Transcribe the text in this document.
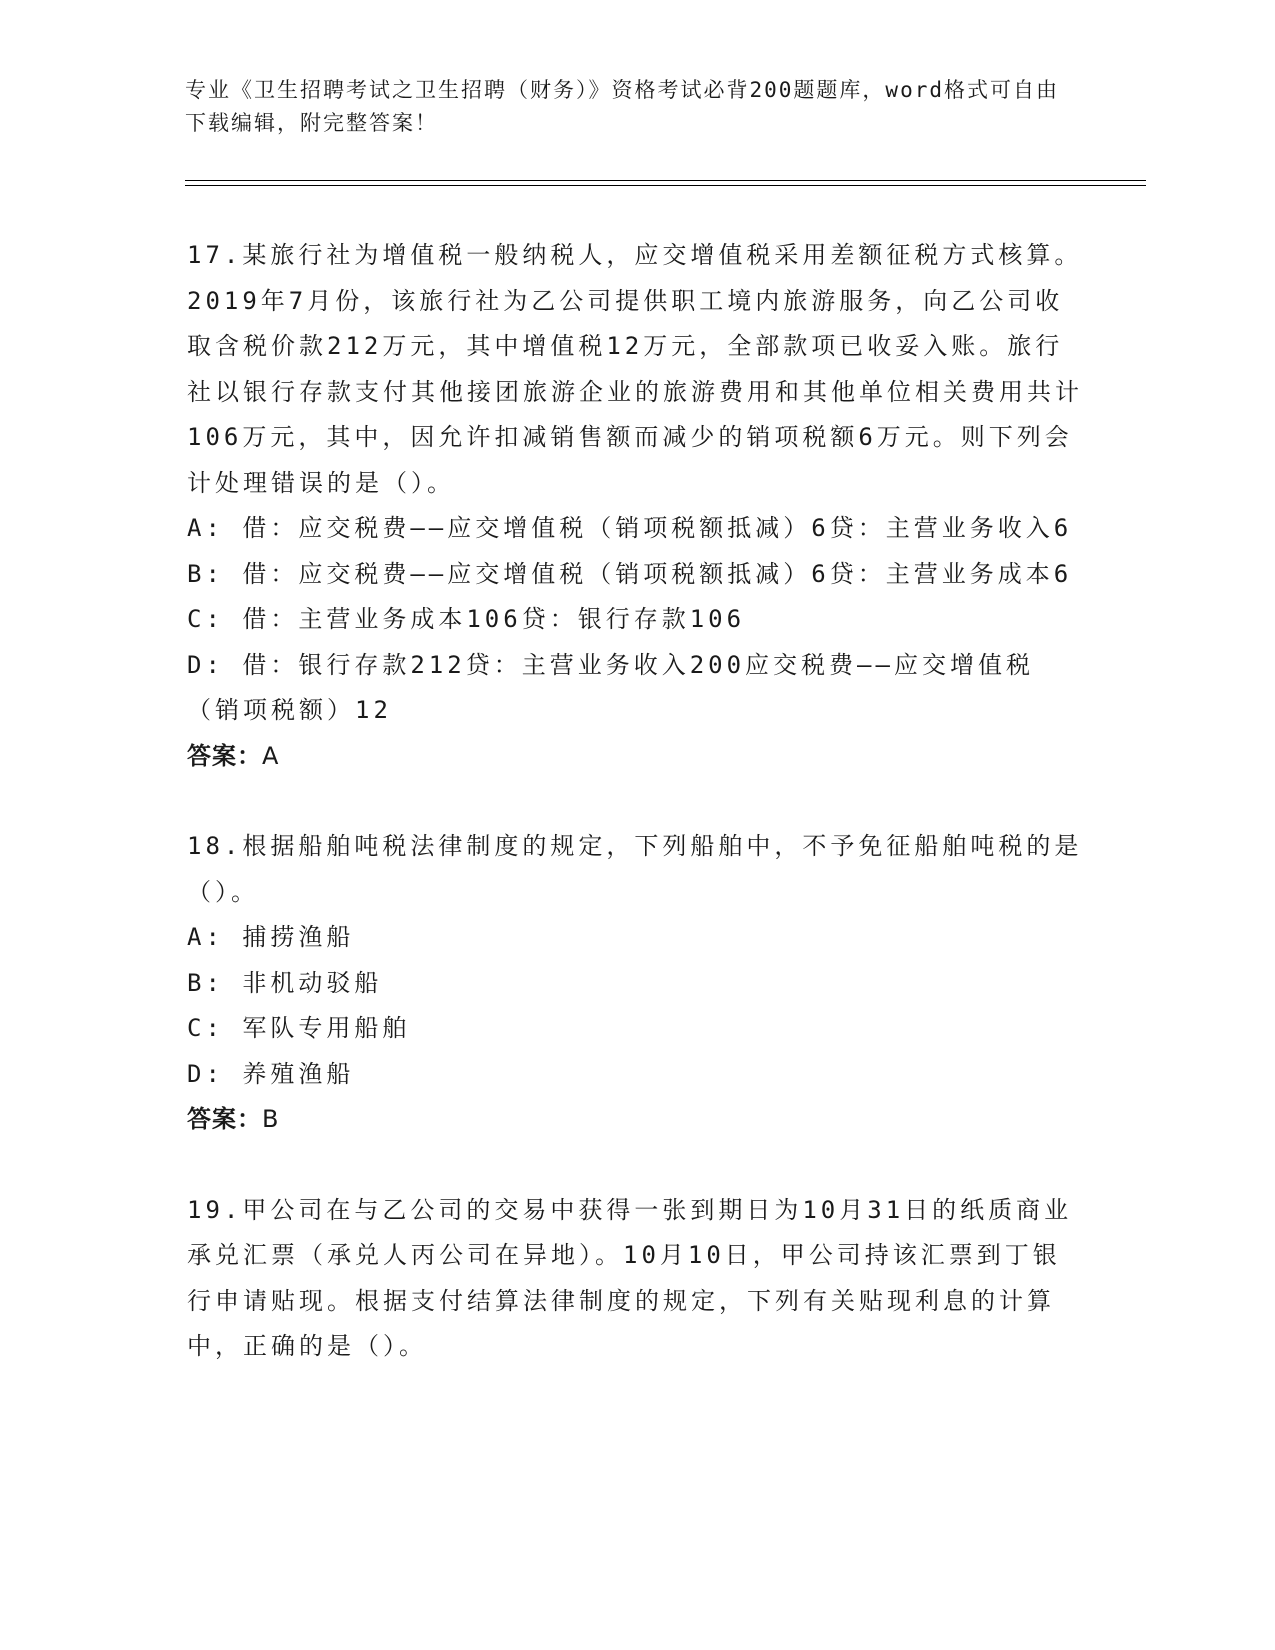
专业《卫生招聘考试之卫生招聘（财务）》资格考试必背200题题库，word格式可自由下载编辑，附完整答案！

17.某旅行社为增值税一般纳税人，应交增值税采用差额征税方式核算。2019年7月份，该旅行社为乙公司提供职工境内旅游服务，向乙公司收取含税价款212万元，其中增值税12万元，全部款项已收妥入账。旅行社以银行存款支付其他接团旅游企业的旅游费用和其他单位相关费用共计106万元，其中，因允许扣减销售额而减少的销项税额6万元。则下列会计处理错误的是（）。

A: 借：应交税费——应交增值税（销项税额抵减）6贷：主营业务收入6

B: 借：应交税费——应交增值税（销项税额抵减）6贷：主营业务成本6

C: 借：主营业务成本106贷：银行存款106

D: 借：银行存款212贷：主营业务收入200应交税费——应交增值税（销项税额）12

答案：A

18.根据船舶吨税法律制度的规定，下列船舶中，不予免征船舶吨税的是（）。

A: 捕捞渔船

B: 非机动驳船

C: 军队专用船舶

D: 养殖渔船

答案：B

19.甲公司在与乙公司的交易中获得一张到期日为10月31日的纸质商业承兑汇票（承兑人丙公司在异地）。10月10日，甲公司持该汇票到丁银行申请贴现。根据支付结算法律制度的规定，下列有关贴现利息的计算中，正确的是（）。
